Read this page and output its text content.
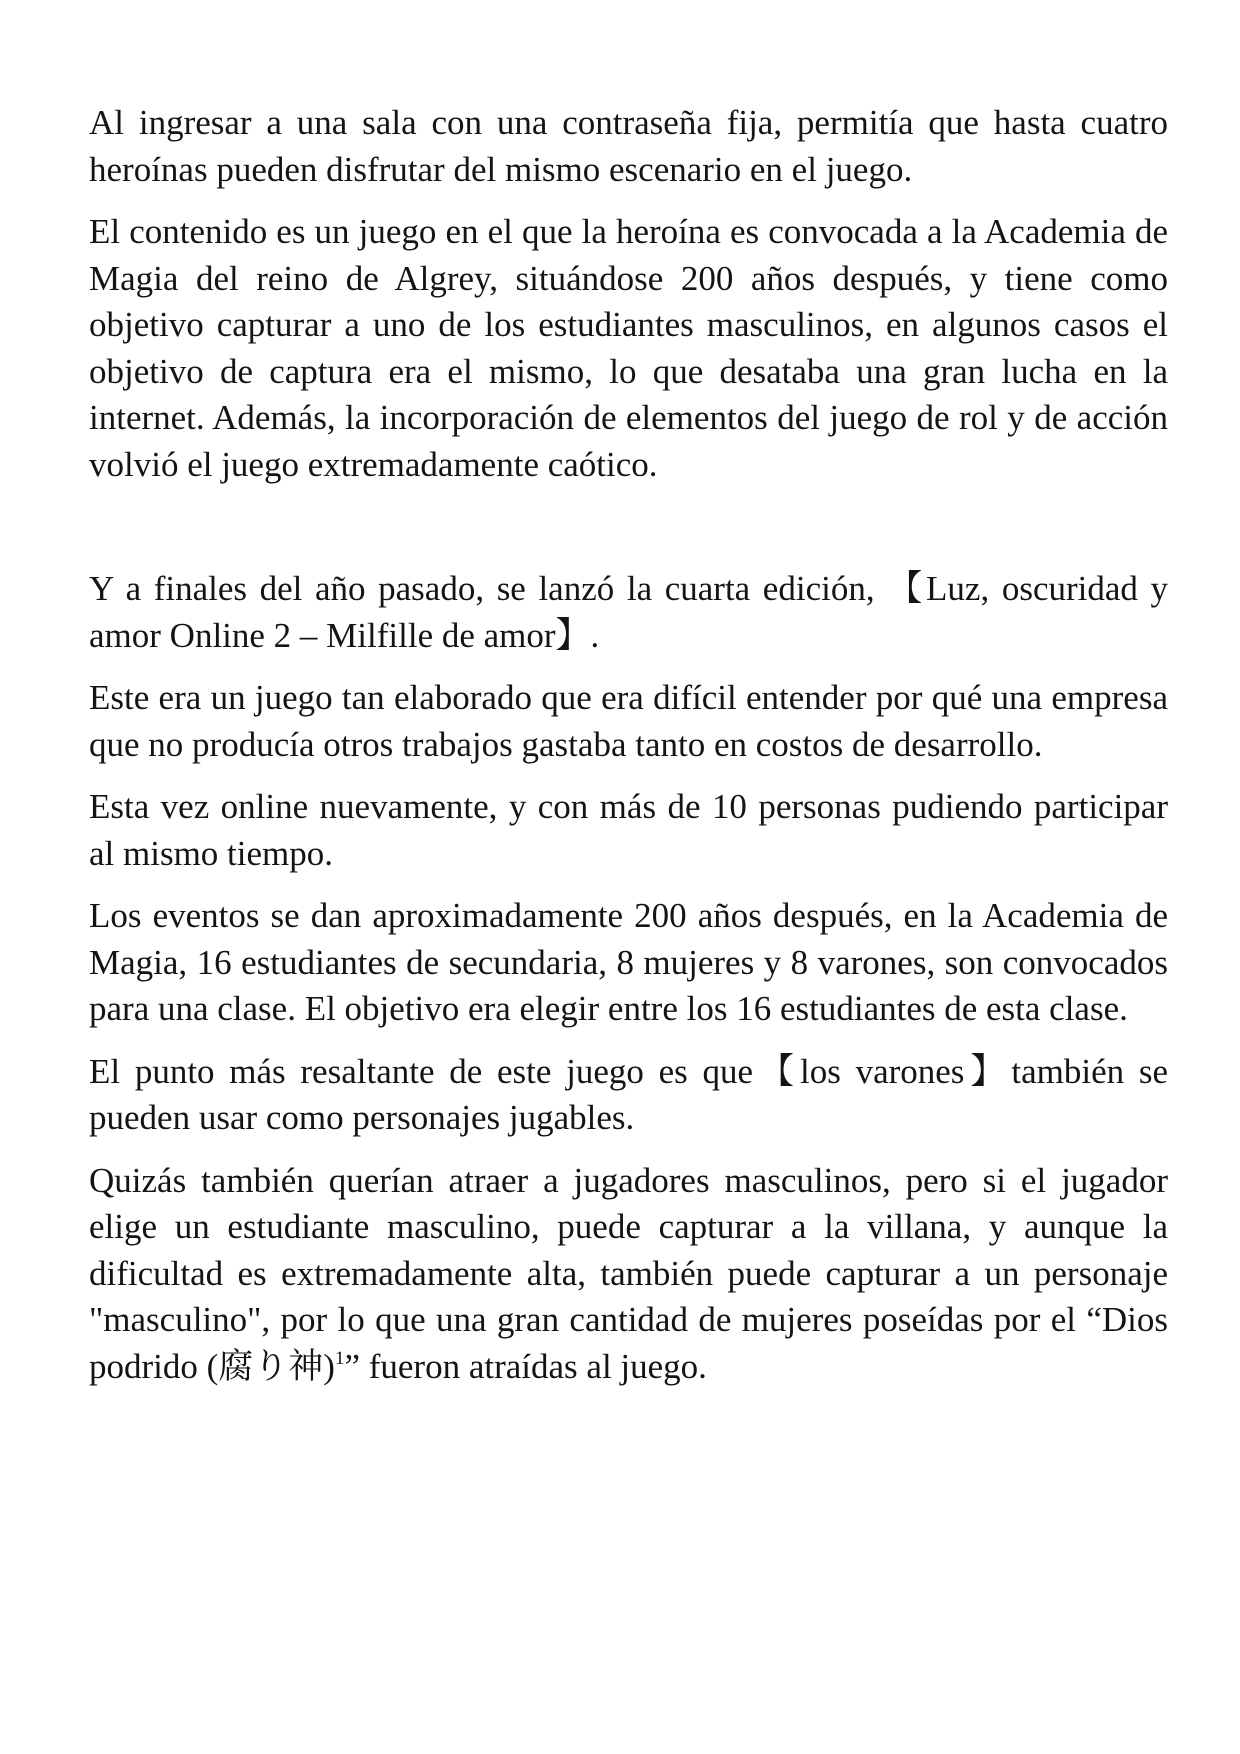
Al ingresar a una sala con una contraseña fija, permitía que hasta cuatro heroínas pueden disfrutar del mismo escenario en el juego.

El contenido es un juego en el que la heroína es convocada a la Academia de Magia del reino de Algrey, situándose 200 años después, y tiene como objetivo capturar a uno de los estudiantes masculinos, en algunos casos el objetivo de captura era el mismo, lo que desataba una gran lucha en la internet. Además, la incorporación de elementos del juego de rol y de acción volvió el juego extremadamente caótico.

Y a finales del año pasado, se lanzó la cuarta edición, 【Luz, oscuridad y amor Online 2 – Milfille de amor】.

Este era un juego tan elaborado que era difícil entender por qué una empresa que no producía otros trabajos gastaba tanto en costos de desarrollo.

Esta vez online nuevamente, y con más de 10 personas pudiendo participar al mismo tiempo.

Los eventos se dan aproximadamente 200 años después, en la Academia de Magia, 16 estudiantes de secundaria, 8 mujeres y 8 varones, son convocados para una clase. El objetivo era elegir entre los 16 estudiantes de esta clase.

El punto más resaltante de este juego es que【los varones】también se pueden usar como personajes jugables.

Quizás también querían atraer a jugadores masculinos, pero si el jugador elige un estudiante masculino, puede capturar a la villana, y aunque la dificultad es extremadamente alta, también puede capturar a un personaje "masculino", por lo que una gran cantidad de mujeres poseídas por el “Dios podrido (腐り神)$^1$” fueron atraídas al juego.
